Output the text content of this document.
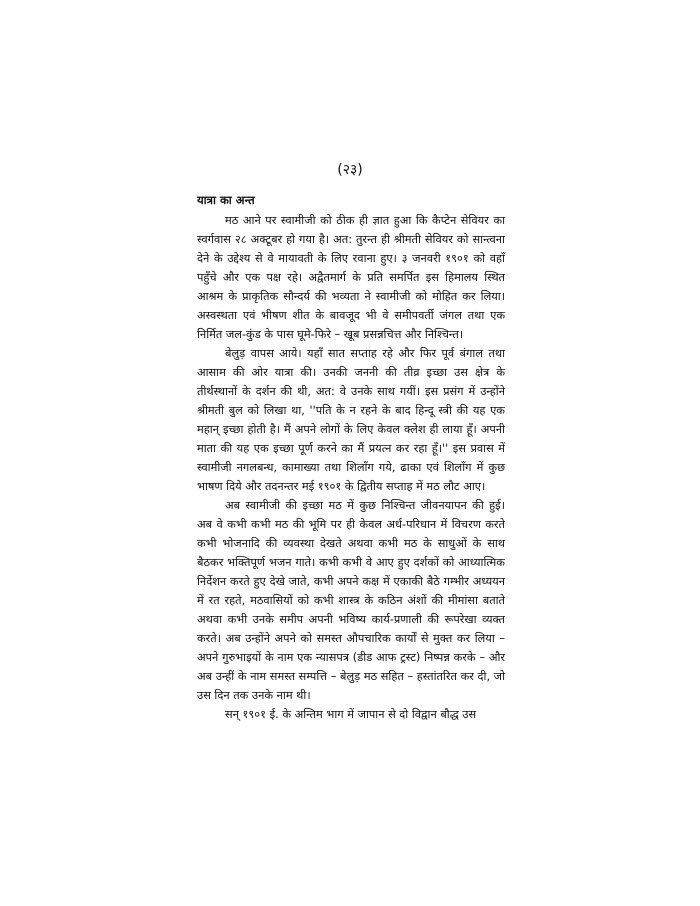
(२३)
यात्रा का अन्त

मठ आने पर स्वामीजी को ठीक ही ज्ञात हुआ कि कैप्टेन सेवियर का स्वर्गवास २८ अक्टूबर हो गया है। अत: तुरन्त ही श्रीमती सेवियर को सान्त्वना देने के उद्देश्य से वे मायावती के लिए रवाना हुए। ३ जनवरी १९०१ को वहाँ पहुँचे और एक पक्ष रहे। अद्वैतमार्ग के प्रति समर्पित इस हिमालय स्थित आश्रम के प्राकृतिक सौन्दर्य की भव्यता ने स्वामीजी को मोहित कर लिया। अस्वस्थता एवं भीषण शीत के बावजूद भी वे समीपवर्ती जंगल तथा एक निर्मित जल-कुंड के पास घूमे-फिरे – खूब प्रसन्नचित्त और निश्चिन्त।

बेलुड़ वापस आये। यहाँ सात सप्ताह रहे और फिर पूर्व बंगाल तथा आसाम की ओर यात्रा की। उनकी जननी की तीव्र इच्छा उस क्षेत्र के तीर्थस्थानों के दर्शन की थी, अत: वे उनके साथ गयीं। इस प्रसंग में उन्होंने श्रीमती बुल को लिखा था, ''पति के न रहने के बाद हिन्दू स्त्री की यह एक महान् इच्छा होती है। मैं अपने लोगों के लिए केवल क्लेश ही लाया हूँ। अपनी माता की यह एक इच्छा पूर्ण करने का मैं प्रयत्न कर रहा हूँ।'' इस प्रवास में स्वामीजी नगलबन्ध, कामाख्या तथा शिलाँग गये, ढाका एवं शिलाँग में कुछ भाषण दिये और तदनन्तर मई १९०१ के द्वितीय सप्ताह में मठ लौट आए।

अब स्वामीजी की इच्छा मठ में कुछ निश्चिन्त जीवनयापन की हुई। अब वे कभी कभी मठ की भूमि पर ही केवल अर्ध-परिधान में विचरण करते कभी भोजनादि की व्यवस्था देखते अथवा कभी मठ के साधुओं के साथ बैठकर भक्तिपूर्ण भजन गाते। कभी कभी वे आए हुए दर्शकों को आध्यात्मिक निर्देशन करते हुए देखे जाते, कभी अपने कक्ष में एकाकी बैठे गम्भीर अध्ययन में रत रहते, मठवासियों को कभी शास्त्र के कठिन अंशों की मीमांसा बताते अथवा कभी उनके समीप अपनी भविष्य कार्य-प्रणाली की रूपरेखा व्यक्त करते। अब उन्होंने अपने को समस्त औपचारिक कार्यों से मुक्त कर लिया – अपने गुरुभाइयों के नाम एक न्यासपत्र (डीड आफ ट्रस्ट) निष्पन्न करके – और अब उन्हीं के नाम समस्त सम्पत्ति – बेलुड़ मठ सहित – हस्तांतरित कर दी, जो उस दिन तक उनके नाम थी।

सन् १९०१ ई. के अन्तिम भाग में जापान से दो विद्वान बौद्ध उस
